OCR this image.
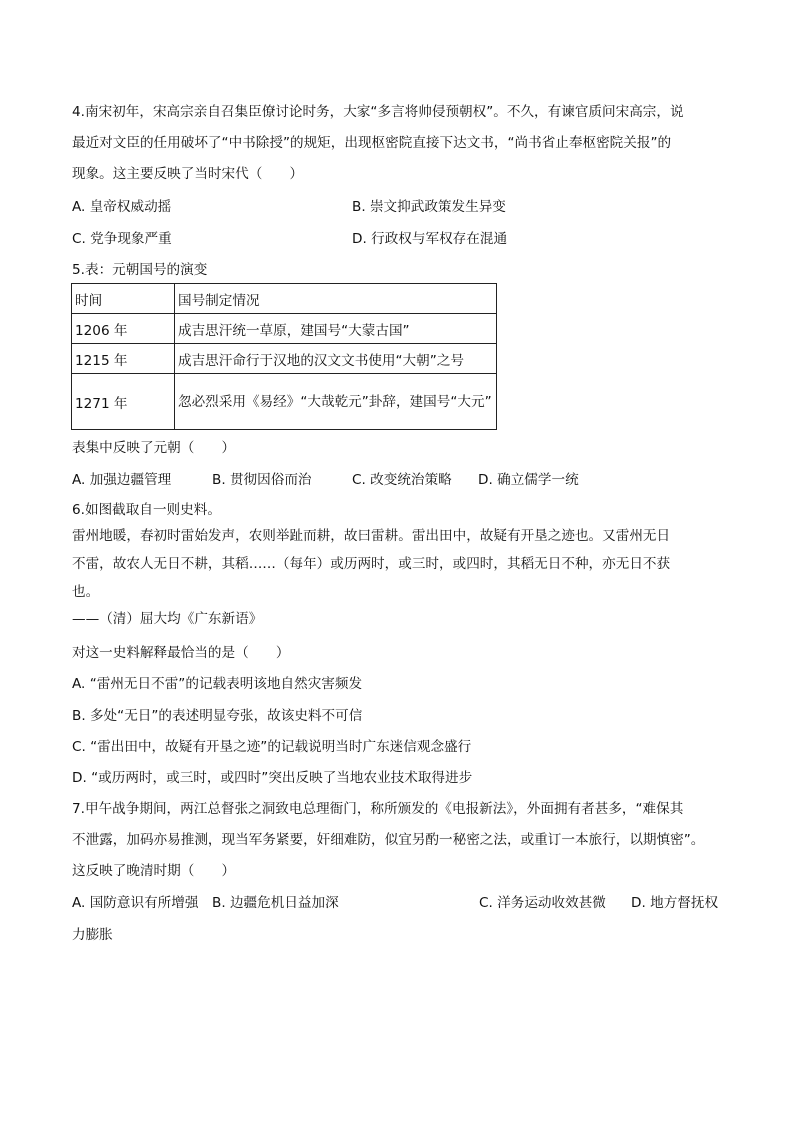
4.南宋初年，宋高宗亲自召集臣僚讨论时务，大家“多言将帅侵预朝权”。不久，有谏官质问宋高宗，说
最近对文臣的任用破坏了“中书除授”的规矩，出现枢密院直接下达文书，“尚书省止奉枢密院关报”的
现象。这主要反映了当时宋代（　　）
A. 皇帝权威动摇	B. 崇文抑武政策发生异变
C. 党争现象严重	D. 行政权与军权存在混通
5.表：元朝国号的演变
时间	国号制定情况
1206 年	成吉思汗统一草原，建国号“大蒙古国”
1215 年	成吉思汗命行于汉地的汉文文书使用“大朝”之号
1271 年	忽必烈采用《易经》“大哉乾元”卦辞，建国号“大元”
表集中反映了元朝（　　）
A. 加强边疆管理	B. 贯彻因俗而治	C. 改变统治策略 D. 确立儒学一统
6.如图截取自一则史料。
雷州地暖，春初时雷始发声，农则举趾而耕，故曰雷耕。雷出田中，故疑有开垦之迹也。又雷州无日
不雷，故农人无日不耕，其稻……（每年）或历两时，或三时，或四时，其稻无日不种，亦无日不获
也。
——（清）屈大均《广东新语》
对这一史料解释最恰当的是（　　）
A. “雷州无日不雷”的记载表明该地自然灾害频发
B. 多处“无日”的表述明显夸张，故该史料不可信
C. “雷出田中，故疑有开垦之迹”的记载说明当时广东迷信观念盛行
D. “或历两时，或三时，或四时”突出反映了当地农业技术取得进步
7.甲午战争期间，两江总督张之洞致电总理衙门，称所颁发的《电报新法》，外面拥有者甚多，“难保其
不泄露，加码亦易推测，现当军务紧要，奸细难防，似宜另酌一秘密之法，或重订一本旅行，以期慎密”。
这反映了晚清时期（　　）
A. 国防意识有所增强 B. 边疆危机日益加深	C. 洋务运动收效甚微 D. 地方督抚权
力膨胀
